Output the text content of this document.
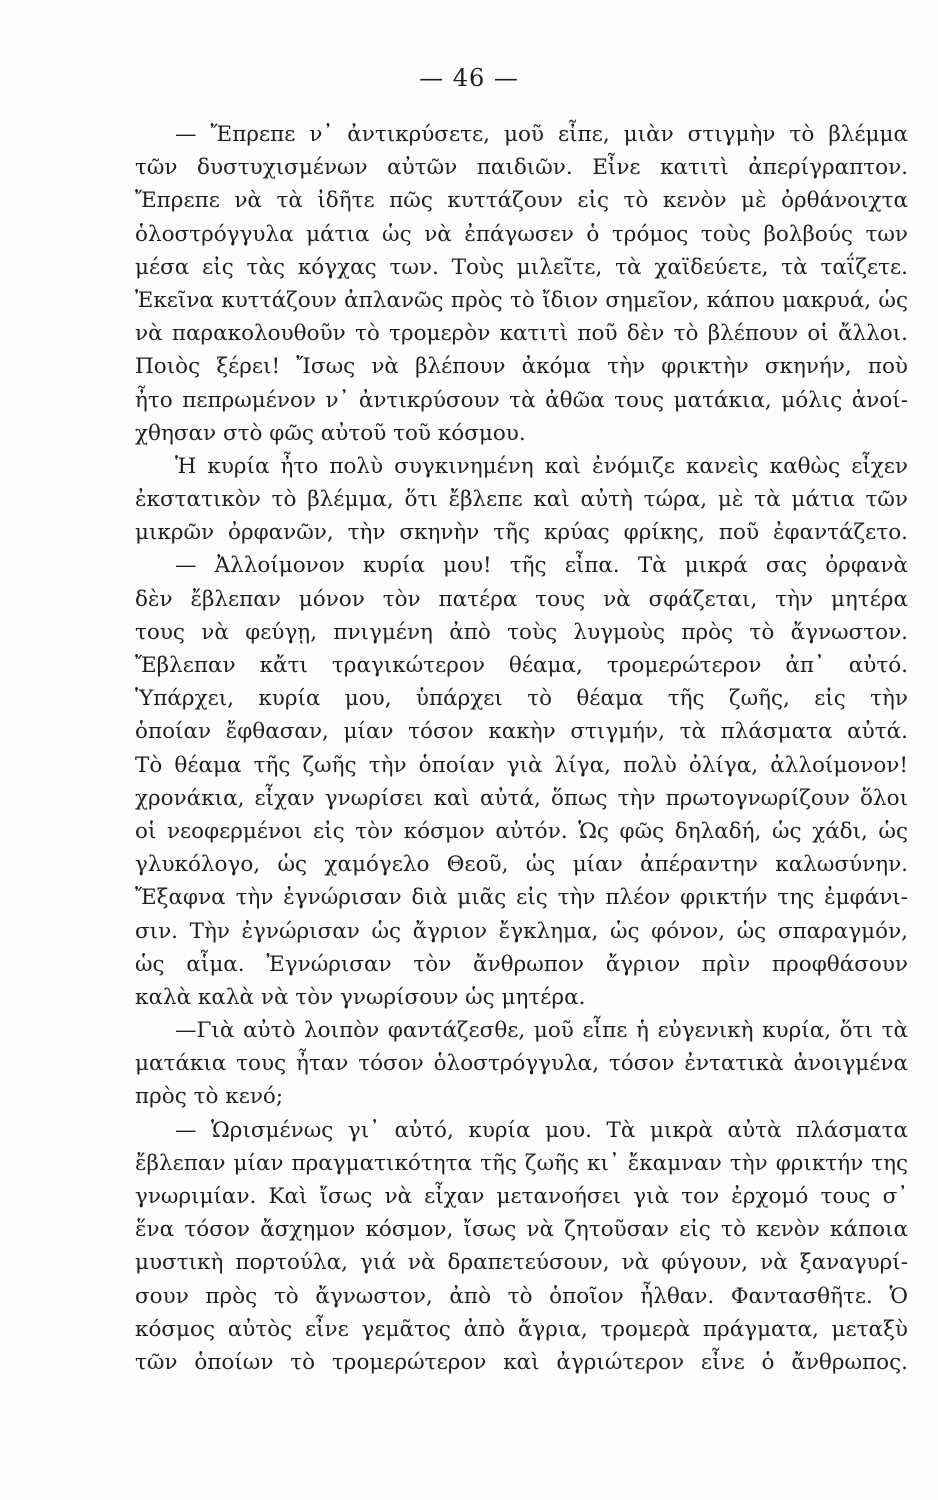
— 46 —
— Ἔπρεπε ν᾽ ἀντικρύσετε, μοῦ εἶπε, μιὰν στιγμὴν τὸ βλέμμα
τῶν δυστυχισμένων αὐτῶν παιδιῶν. Εἶνε κατιτὶ ἀπερίγραπτον.
Ἔπρεπε νὰ τὰ ἰδῆτε πῶς κυττάζουν εἰς τὸ κενὸν μὲ ὀρθάνοιχτα
ὁλοστρόγγυλα μάτια ὡς νὰ ἐπάγωσεν ὁ τρόμος τοὺς βολβούς των
μέσα εἰς τὰς κόγχας των. Τοὺς μιλεῖτε, τὰ χαϊδεύετε, τὰ ταΐζετε.
Ἐκεῖνα κυττάζουν ἀπλανῶς πρὸς τὸ ἴδιον σημεῖον, κάπου μακρυά, ὡς
νὰ παρακολουθοῦν τὸ τρομερὸν κατιτὶ ποῦ δὲν τὸ βλέπουν οἱ ἄλλοι.
Ποιὸς ξέρει! Ἴσως νὰ βλέπουν ἀκόμα τὴν φρικτὴν σκηνήν, ποὺ
ἦτο πεπρωμένον ν᾽ ἀντικρύσουν τὰ ἀθῶα τους ματάκια, μόλις ἀνοί-
χθησαν στὸ φῶς αὐτοῦ τοῦ κόσμου.
Ἡ κυρία ἦτο πολὺ συγκινημένη καὶ ἐνόμιζε κανεὶς καθὼς εἶχεν
ἐκστατικὸν τὸ βλέμμα, ὅτι ἔβλεπε καὶ αὐτὴ τώρα, μὲ τὰ μάτια τῶν
μικρῶν ὀρφανῶν, τὴν σκηνὴν τῆς κρύας φρίκης, ποῦ ἐφαντάζετο.
— Ἀλλοίμονον κυρία μου! τῆς εἶπα. Τὰ μικρά σας ὀρφανὰ
δὲν ἔβλεπαν μόνον τὸν πατέρα τους νὰ σφάζεται, τὴν μητέρα
τους νὰ φεύγῃ, πνιγμένη ἀπὸ τοὺς λυγμοὺς πρὸς τὸ ἄγνωστον.
Ἔβλεπαν κἄτι τραγικώτερον θέαμα, τρομερώτερον ἀπ᾽ αὐτό.
Ὑπάρχει, κυρία μου, ὑπάρχει τὸ θέαμα τῆς ζωῆς, εἰς τὴν
ὁποίαν ἔφθασαν, μίαν τόσον κακὴν στιγμήν, τὰ πλάσματα αὐτά.
Τὸ θέαμα τῆς ζωῆς τὴν ὁποίαν γιὰ λίγα, πολὺ ὀλίγα, ἀλλοίμονον!
χρονάκια, εἶχαν γνωρίσει καὶ αὐτά, ὅπως τὴν πρωτογνωρίζουν ὅλοι
οἱ νεοφερμένοι εἰς τὸν κόσμον αὐτόν. Ὡς φῶς δηλαδή, ὡς χάδι, ὡς
γλυκόλογο, ὡς χαμόγελο Θεοῦ, ὡς μίαν ἀπέραντην καλωσύνην.
Ἔξαφνα τὴν ἐγνώρισαν διὰ μιᾶς εἰς τὴν πλέον φρικτήν της ἐμφάνι-
σιν. Τὴν ἐγνώρισαν ὡς ἄγριον ἔγκλημα, ὡς φόνον, ὡς σπαραγμόν,
ὡς αἷμα. Ἐγνώρισαν τὸν ἄνθρωπον ἄγριον πρὶν προφθάσουν
καλὰ καλὰ νὰ τὸν γνωρίσουν ὡς μητέρα.
—Γιὰ αὐτὸ λοιπὸν φαντάζεσθε, μοῦ εἶπε ἡ εὐγενικὴ κυρία, ὅτι τὰ
ματάκια τους ἦταν τόσον ὁλοστρόγγυλα, τόσον ἐντατικὰ ἀνοιγμένα
πρὸς τὸ κενό;
— Ὡρισμένως γι᾽ αὐτό, κυρία μου. Τὰ μικρὰ αὐτὰ πλάσματα
ἔβλεπαν μίαν πραγματικότητα τῆς ζωῆς κι᾽ ἔκαμναν τὴν φρικτήν της
γνωριμίαν. Καὶ ἴσως νὰ εἶχαν μετανοήσει γιὰ τον ἐρχομό τους σ᾽
ἕνα τόσον ἄσχημον κόσμον, ἴσως νὰ ζητοῦσαν εἰς τὸ κενὸν κάποια
μυστικὴ πορτούλα, γιά νὰ δραπετεύσουν, νὰ φύγουν, νὰ ξαναγυρί-
σουν πρὸς τὸ ἄγνωστον, ἀπὸ τὸ ὁποῖον ἦλθαν. Φαντασθῆτε. Ὁ
κόσμος αὐτὸς εἶνε γεμᾶτος ἀπὸ ἄγρια, τρομερὰ πράγματα, μεταξὺ
τῶν ὁποίων τὸ τρομερώτερον καὶ ἀγριώτερον εἶνε ὁ ἄνθρωπος.
